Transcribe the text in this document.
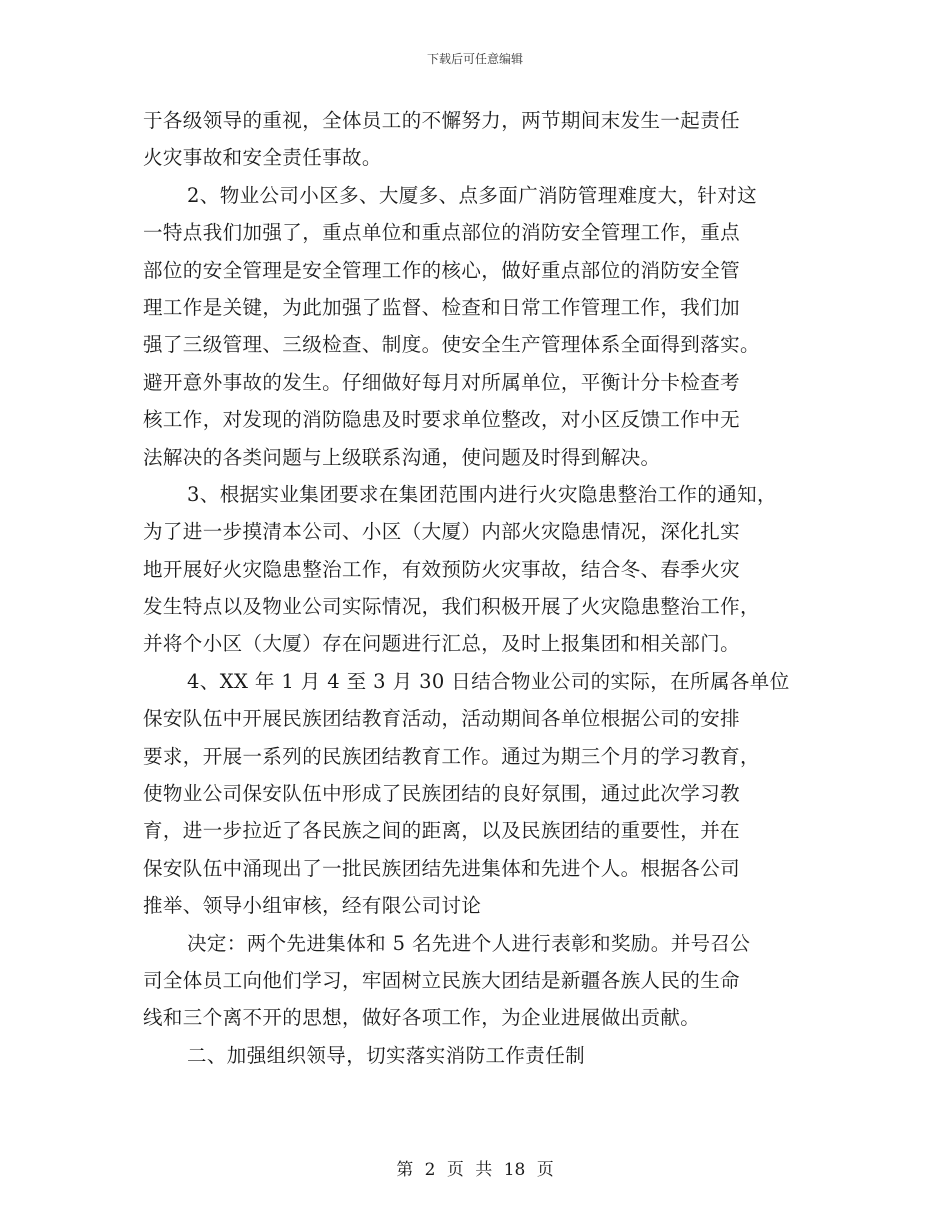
下载后可任意编辑
于各级领导的重视，全体员工的不懈努力，两节期间末发生一起责任
火灾事故和安全责任事故。
2、物业公司小区多、大厦多、点多面广消防管理难度大，针对这
一特点我们加强了，重点单位和重点部位的消防安全管理工作，重点
部位的安全管理是安全管理工作的核心，做好重点部位的消防安全管
理工作是关键，为此加强了监督、检查和日常工作管理工作，我们加
强了三级管理、三级检查、制度。使安全生产管理体系全面得到落实。
避开意外事故的发生。仔细做好每月对所属单位，平衡计分卡检查考
核工作，对发现的消防隐患及时要求单位整改，对小区反馈工作中无
法解决的各类问题与上级联系沟通，使问题及时得到解决。
3、根据实业集团要求在集团范围内进行火灾隐患整治工作的通知，
为了进一步摸清本公司、小区（大厦）内部火灾隐患情况，深化扎实
地开展好火灾隐患整治工作，有效预防火灾事故，结合冬、春季火灾
发生特点以及物业公司实际情况，我们积极开展了火灾隐患整治工作，
并将个小区（大厦）存在问题进行汇总，及时上报集团和相关部门。
4、XX 年 1 月 4 至 3 月 30 日结合物业公司的实际，在所属各单位
保安队伍中开展民族团结教育活动，活动期间各单位根据公司的安排
要求，开展一系列的民族团结教育工作。通过为期三个月的学习教育，
使物业公司保安队伍中形成了民族团结的良好氛围，通过此次学习教
育，进一步拉近了各民族之间的距离，以及民族团结的重要性，并在
保安队伍中涌现出了一批民族团结先进集体和先进个人。根据各公司
推举、领导小组审核，经有限公司讨论
决定：两个先进集体和 5 名先进个人进行表彰和奖励。并号召公
司全体员工向他们学习，牢固树立民族大团结是新疆各族人民的生命
线和三个离不开的思想，做好各项工作，为企业进展做出贡献。
二、加强组织领导，切实落实消防工作责任制
第 2 页 共 18 页
